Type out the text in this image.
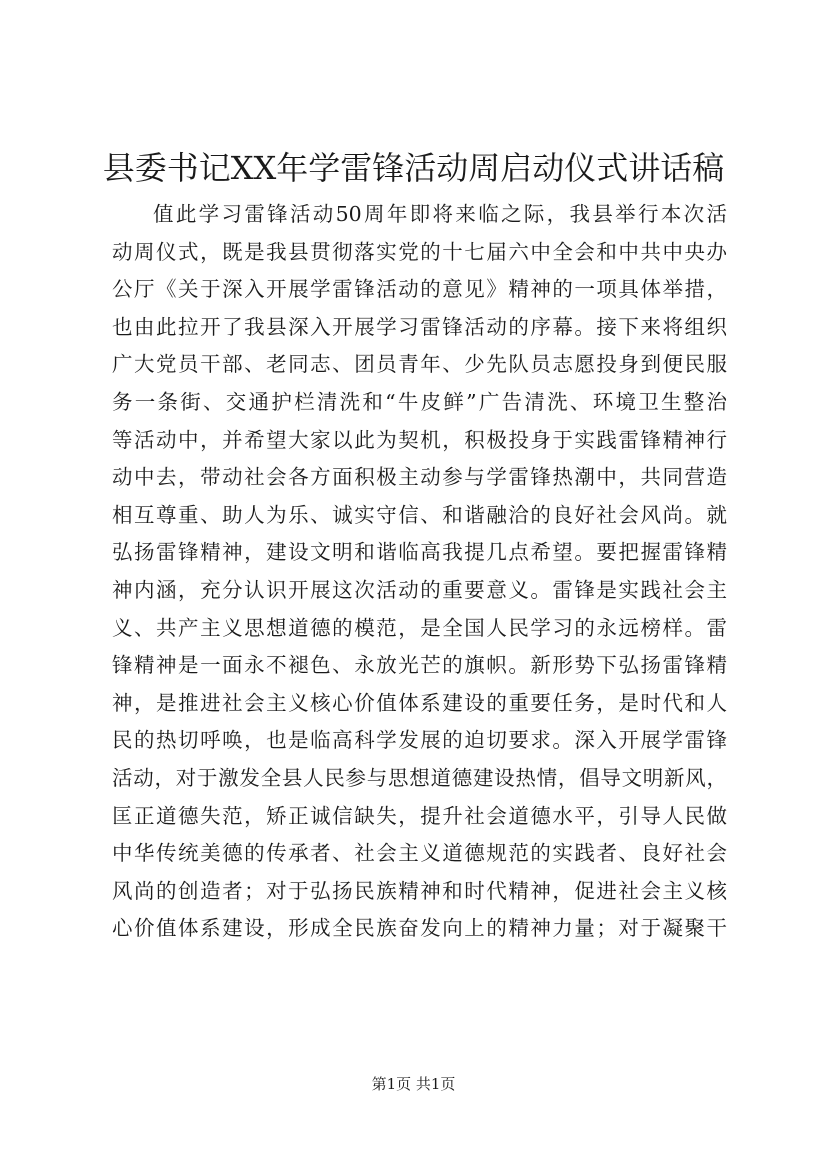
县委书记XX年学雷锋活动周启动仪式讲话稿
值此学习雷锋活动50周年即将来临之际，我县举行本次活
动周仪式，既是我县贯彻落实党的十七届六中全会和中共中央办
公厅《关于深入开展学雷锋活动的意见》精神的一项具体举措，
也由此拉开了我县深入开展学习雷锋活动的序幕。接下来将组织
广大党员干部、老同志、团员青年、少先队员志愿投身到便民服
务一条街、交通护栏清洗和“牛皮鲜”广告清洗、环境卫生整治
等活动中，并希望大家以此为契机，积极投身于实践雷锋精神行
动中去，带动社会各方面积极主动参与学雷锋热潮中，共同营造
相互尊重、助人为乐、诚实守信、和谐融洽的良好社会风尚。就
弘扬雷锋精神，建设文明和谐临高我提几点希望。要把握雷锋精
神内涵，充分认识开展这次活动的重要意义。雷锋是实践社会主
义、共产主义思想道德的模范，是全国人民学习的永远榜样。雷
锋精神是一面永不褪色、永放光芒的旗帜。新形势下弘扬雷锋精
神，是推进社会主义核心价值体系建设的重要任务，是时代和人
民的热切呼唤，也是临高科学发展的迫切要求。深入开展学雷锋
活动，对于激发全县人民参与思想道德建设热情，倡导文明新风，
匡正道德失范，矫正诚信缺失，提升社会道德水平，引导人民做
中华传统美德的传承者、社会主义道德规范的实践者、良好社会
风尚的创造者；对于弘扬民族精神和时代精神，促进社会主义核
心价值体系建设，形成全民族奋发向上的精神力量；对于凝聚干
第1页 共1页
